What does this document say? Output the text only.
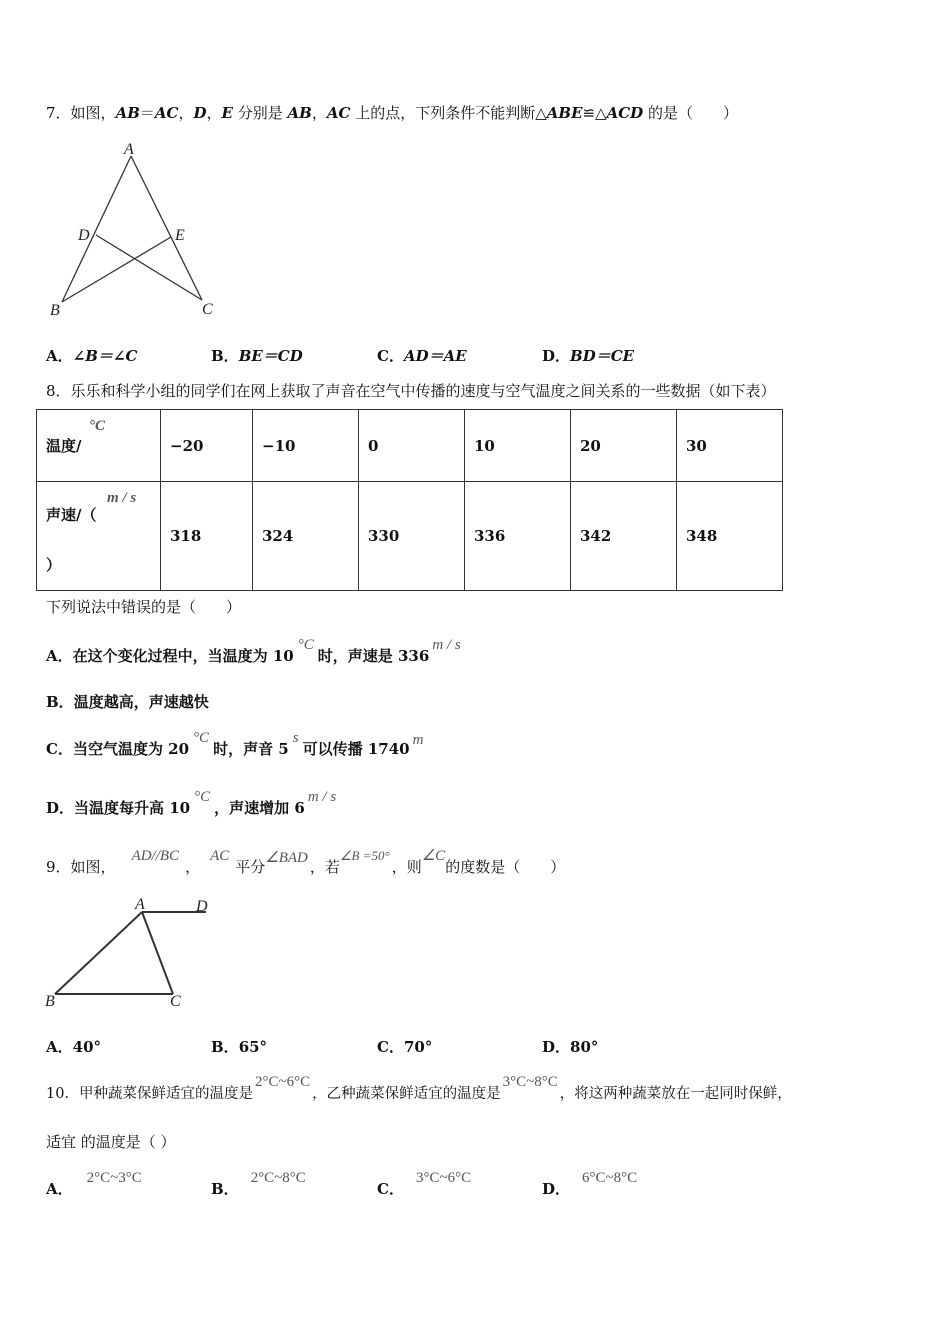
7．如图，AB＝AC，D，E 分别是 AB，AC 上的点，下列条件不能判断△ABE≌△ACD 的是（　　）
A
D	E
B	C
A．∠B＝∠C	B．BE＝CD	C．AD＝AE	D．BD＝CE
8．乐乐和科学小组的同学们在网上获取了声音在空气中传播的速度与空气温度之间关系的一些数据（如下表）
温度/
°C	−20	−10	0	10	20	30

声速/（
m / s
）	318	324	330	336	342	348
下列说法中错误的是（　　）
A．在这个变化过程中，当温度为 10°C时，声速是 336m / s
B．温度越高，声速越快
C．当空气温度为 20°C时，声音 5s可以传播 1740 m
D．当温度每升高 10°C，声速增加 6m / s
9．如图，AD//BC，AC平分∠BAD ，若∠B =50°，则∠C的度数是（　　）
A	D
B	C
A．40°	B．65°	C．70°	D．80°
10．甲种蔬菜保鲜适宜的温度是2°C~6°C，乙种蔬菜保鲜适宜的温度是3°C~8°C，将这两种蔬菜放在一起同时保鲜，
适宜 的温度是（ ）
A．2°C~3°C
B．2°C~8°C
C．3°C~6°C
D．6°C~8°C
